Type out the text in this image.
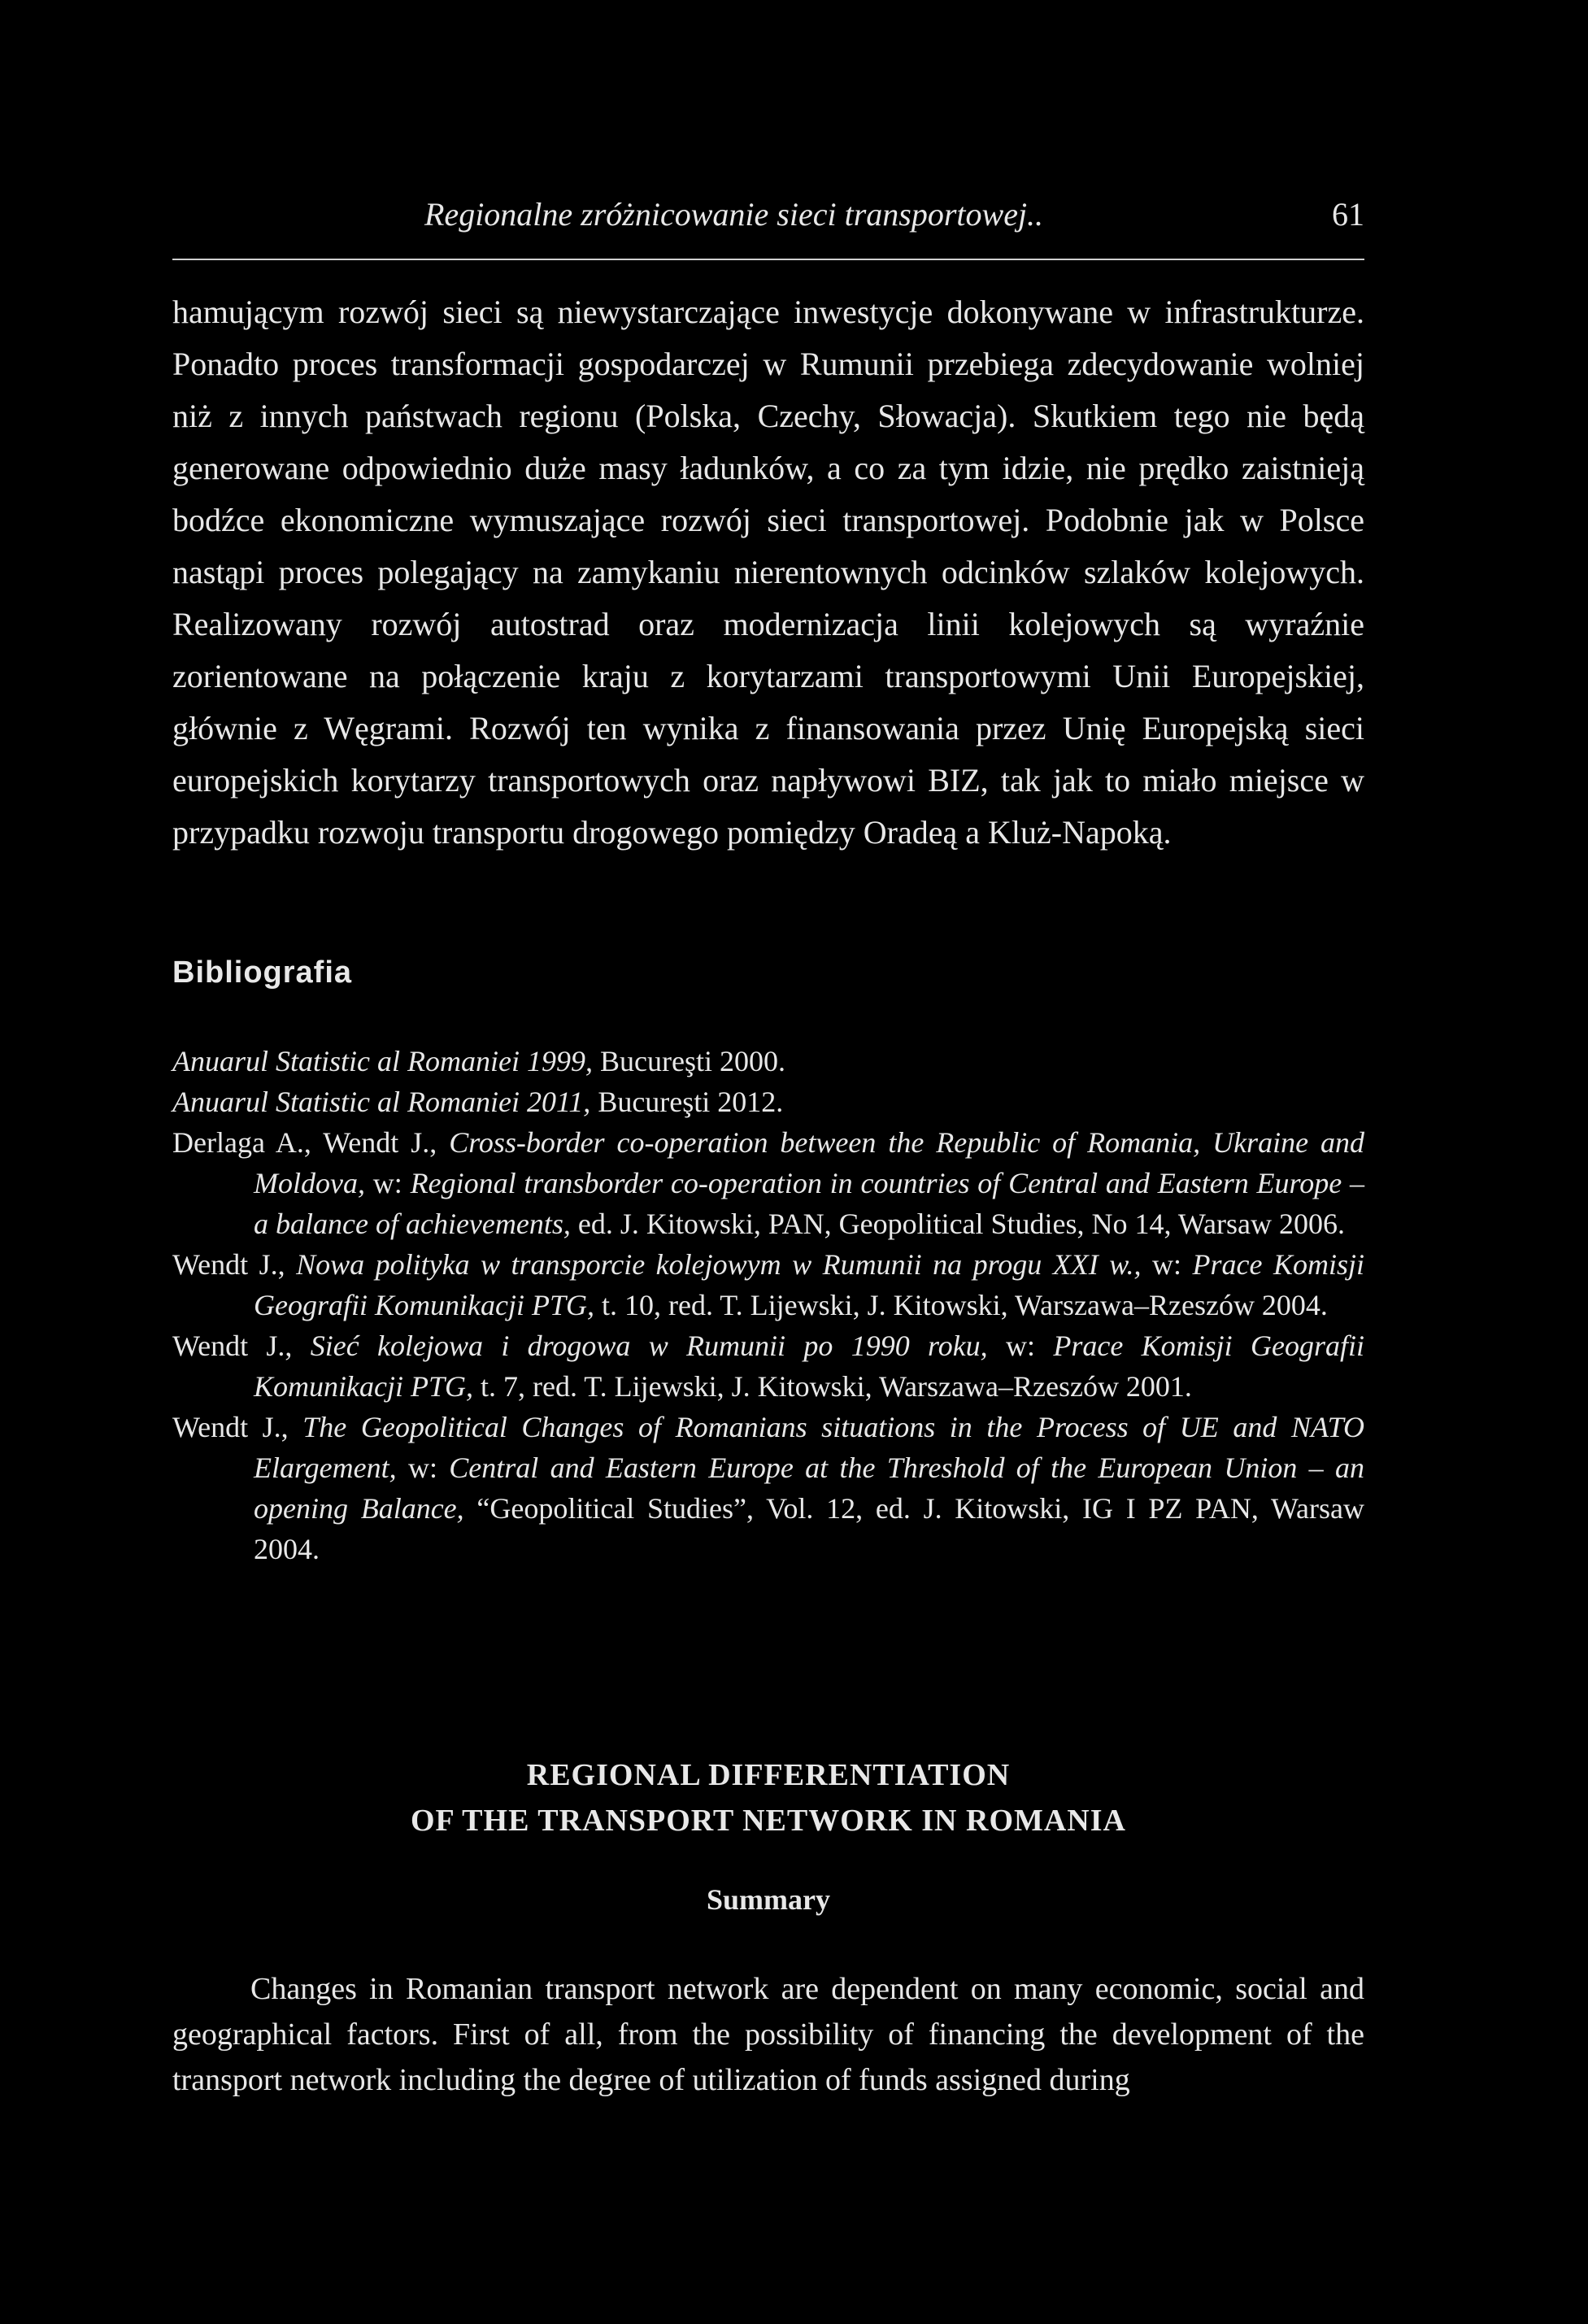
Regionalne zróżnicowanie sieci transportowej..	61

hamującym rozwój sieci są niewystarczające inwestycje dokonywane w infrastrukturze. Ponadto proces transformacji gospodarczej w Rumunii przebiega zdecydowanie wolniej niż z innych państwach regionu (Polska, Czechy, Słowacja). Skutkiem tego nie będą generowane odpowiednio duże masy ładunków, a co za tym idzie, nie prędko zaistnieją bodźce ekonomiczne wymuszające rozwój sieci transportowej. Podobnie jak w Polsce nastąpi proces polegający na zamykaniu nierentownych odcinków szlaków kolejowych. Realizowany rozwój autostrad oraz modernizacja linii kolejowych są wyraźnie zorientowane na połączenie kraju z korytarzami transportowymi Unii Europejskiej, głównie z Węgrami. Rozwój ten wynika z finansowania przez Unię Europejską sieci europejskich korytarzy transportowych oraz napływowi BIZ, tak jak to miało miejsce w przypadku rozwoju transportu drogowego pomiędzy Oradeą a Kluż-Napoką.

Bibliografia
Anuarul Statistic al Romaniei 1999, Bucureşti 2000.
Anuarul Statistic al Romaniei 2011, Bucureşti 2012.
Derlaga A., Wendt J., Cross-border co-operation between the Republic of Romania, Ukraine and Moldova, w: Regional transborder co-operation in countries of Central and Eastern Europe – a balance of achievements, ed. J. Kitowski, PAN, Geopolitical Studies, No 14, Warsaw 2006.
Wendt J., Nowa polityka w transporcie kolejowym w Rumunii na progu XXI w., w: Prace Komisji Geografii Komunikacji PTG, t. 10, red. T. Lijewski, J. Kitowski, Warszawa–Rzeszów 2004.
Wendt J., Sieć kolejowa i drogowa w Rumunii po 1990 roku, w: Prace Komisji Geografii Komunikacji PTG, t. 7, red. T. Lijewski, J. Kitowski, Warszawa–Rzeszów 2001.
Wendt J., The Geopolitical Changes of Romanians situations in the Process of UE and NATO Elargement, w: Central and Eastern Europe at the Threshold of the European Union – an opening Balance, “Geopolitical Studies”, Vol. 12, ed. J. Kitowski, IG I PZ PAN, Warsaw 2004.
REGIONAL DIFFERENTIATION
OF THE TRANSPORT NETWORK IN ROMANIA
Summary

Changes in Romanian transport network are dependent on many economic, social and geographical factors. First of all, from the possibility of financing the development of the transport network including the degree of utilization of funds assigned during
